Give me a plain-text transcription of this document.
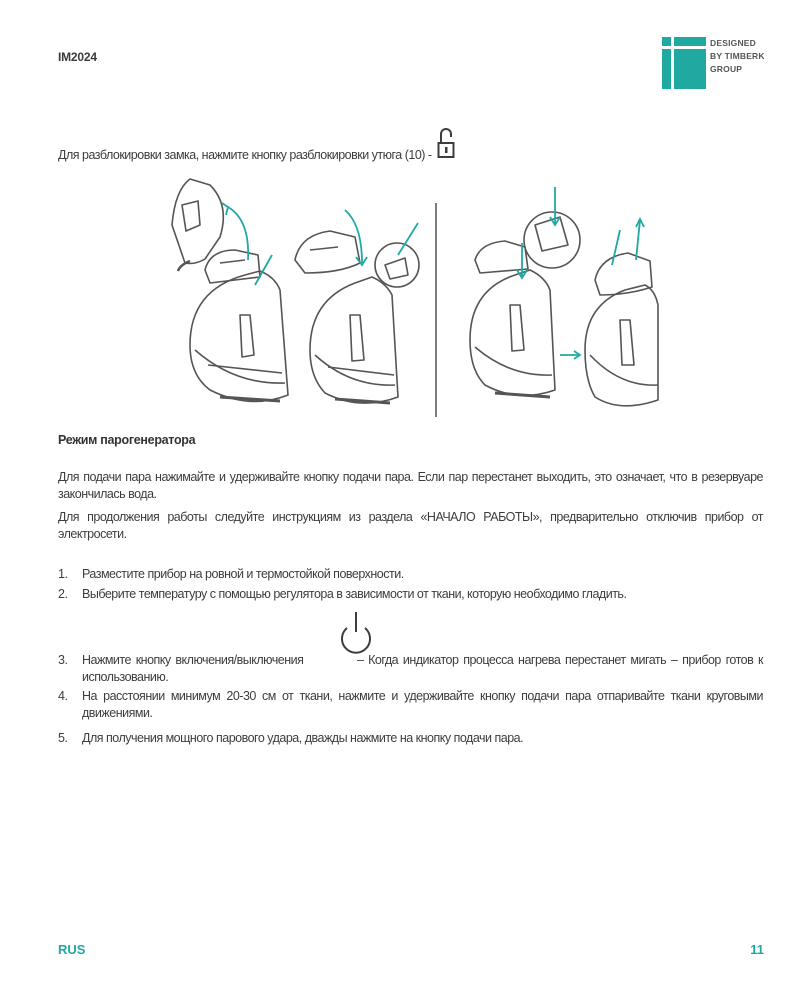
IM2024
DESIGNED
BY TIMBERK
GROUP
Для разблокировки замка, нажмите кнопку разблокировки утюга (10) -
Режим парогенератора
Для подачи пара нажимайте и удерживайте кнопку подачи пара. Если пар перестанет выходить, это означает, что в резервуаре закончилась вода.
Для продолжения работы следуйте инструкциям из раздела «НАЧАЛО РАБОТЫ», предварительно отключив прибор от электросети.
1.	Разместите прибор на ровной и термостойкой поверхности.
2.	Выберите температуру с помощью регулятора в зависимости от ткани, которую необходимо гладить.
3.	Нажмите кнопку включения/выключения	– Когда индикатор процесса нагрева перестанет мигать – прибор готов к использованию.
4.	На расстоянии минимум 20-30 см от ткани, нажмите и удерживайте кнопку подачи пара отпаривайте ткани круговыми движениями.
5.	Для получения мощного парового удара, дважды нажмите на кнопку подачи пара.
RUS	11
